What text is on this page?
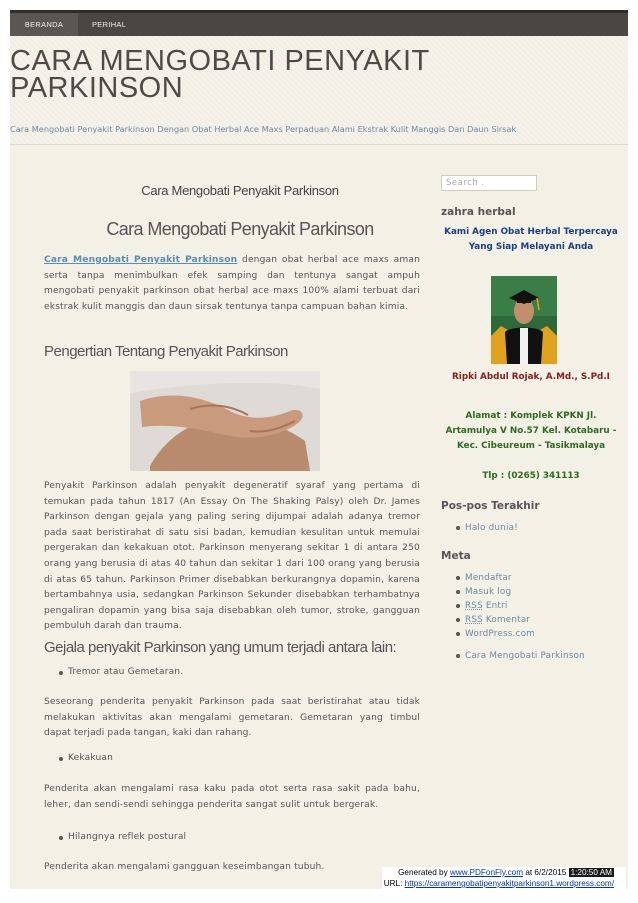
BERANDA	PERIHAL
CARA MENGOBATI PENYAKIT PARKINSON
Cara Mengobati Penyakit Parkinson Dengan Obat Herbal Ace Maxs Perpaduan Alami Ekstrak Kulit Manggis Dan Daun Sirsak
Cara Mengobati Penyakit Parkinson
Cara Mengobati Penyakit Parkinson

Cara Mengobati Penyakit Parkinson dengan obat herbal ace maxs aman serta tanpa menimbulkan efek samping dan tentunya sangat ampuh mengobati penyakit parkinson obat herbal ace maxs 100% alami terbuat dari ekstrak kulit manggis dan daun sirsak tentunya tanpa campuan bahan kimia.

Pengertian Tentang Penyakit Parkinson

Penyakit Parkinson adalah penyakit degeneratif syaraf yang pertama di temukan pada tahun 1817 (An Essay On The Shaking Palsy) oleh Dr. James Parkinson dengan gejala yang paling sering dijumpai adalah adanya tremor pada saat beristirahat di satu sisi badan, kemudian kesulitan untuk memulai pergerakan dan kekakuan otot. Parkinson menyerang sekitar 1 di antara 250 orang yang berusia di atas 40 tahun dan sekitar 1 dari 100 orang yang berusia di atas 65 tahun. Parkinson Primer disebabkan berkurangnya dopamin, karena bertambahnya usia, sedangkan Parkinson Sekunder disebabkan terhambatnya pengaliran dopamin yang bisa saja disebabkan oleh tumor, stroke, gangguan pembuluh darah dan trauma.

Gejala penyakit Parkinson yang umum terjadi antara lain:
Tremor atau Gemetaran.

Seseorang penderita penyakit Parkinson pada saat beristirahat atau tidak melakukan aktivitas akan mengalami gemetaran. Gemetaran yang timbul dapat terjadi pada tangan, kaki dan rahang.

Kekakuan

Penderita akan mengalami rasa kaku pada otot serta rasa sakit pada bahu, leher, dan sendi-sendi sehingga penderita sangat sulit untuk bergerak.

Hilangnya reflek postural

Penderita akan mengalami gangguan keseimbangan tubuh.

Search .
zahra herbal
Kami Agen Obat Herbal Terpercaya Yang Siap Melayani Anda
Ripki Abdul Rojak, A.Md., S.Pd.I
Alamat : Komplek KPKN Jl. Artamulya V No.57 Kel. Kotabaru - Kec. Cibeureum - Tasikmalaya
Tlp : (0265) 341113
Pos-pos Terakhir
Halo dunia!
Meta
Mendaftar
Masuk log
RSS Entri
RSS Komentar
WordPress.com
Cara Mengobati Parkinson
Generated by www.PDFonFly.com at 6/2/2015 1:20:50 AM
URL: https://caramengobatipenyakitparkinson1.wordpress.com/
